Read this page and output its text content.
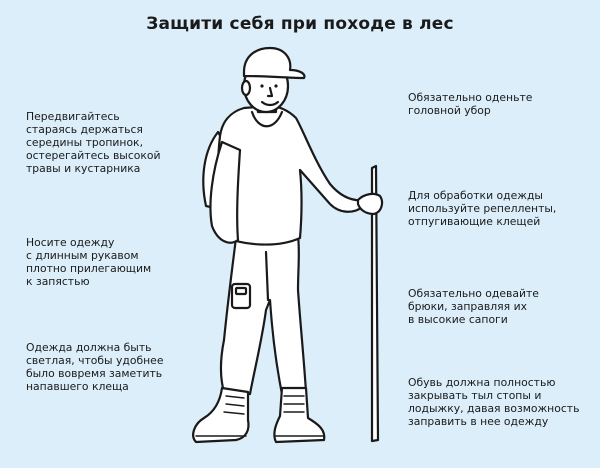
Защити себя при походе в лес
Передвигайтесь
стараясь держаться
середины тропинок,
остерегайтесь высокой
травы и кустарника
Носите одежду
с длинным рукавом
плотно прилегающим
к запястью
Одежда должна быть
светлая, чтобы удобнее
было вовремя заметить
напавшего клеща
Обязательно оденьте
головной убор
Для обработки одежды
используйте репелленты,
отпугивающие клещей
Обязательно одевайте
брюки, заправляя их
в высокие сапоги
Обувь должна полностью
закрывать тыл стопы и
лодыжку, давая возможность
заправить в нее одежду
